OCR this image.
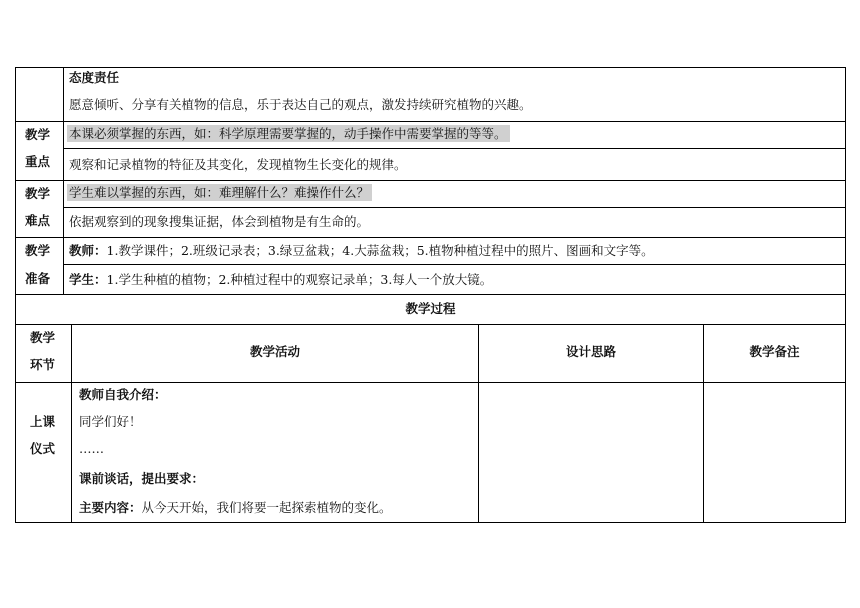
态度责任
愿意倾听、分享有关植物的信息，乐于表达自己的观点，激发持续研究植物的兴趣。
教学
重点
本课必须掌握的东西，如：科学原理需要掌握的，动手操作中需要掌握的等等。
观察和记录植物的特征及其变化，发现植物生长变化的规律。
教学
难点
学生难以掌握的东西，如：难理解什么？难操作什么？
依据观察到的现象搜集证据，体会到植物是有生命的。
教学
准备
教师：1.教学课件；2.班级记录表；3.绿豆盆栽；4.大蒜盆栽；5.植物种植过程中的照片、图画和文字等。
学生：1.学生种植的植物；2.种植过程中的观察记录单；3.每人一个放大镜。
教学过程
教学
环节
教学活动	设计思路	教学备注
上课
仪式
教师自我介绍：
同学们好！
……
课前谈话，提出要求：
主要内容：从今天开始，我们将要一起探索植物的变化。
